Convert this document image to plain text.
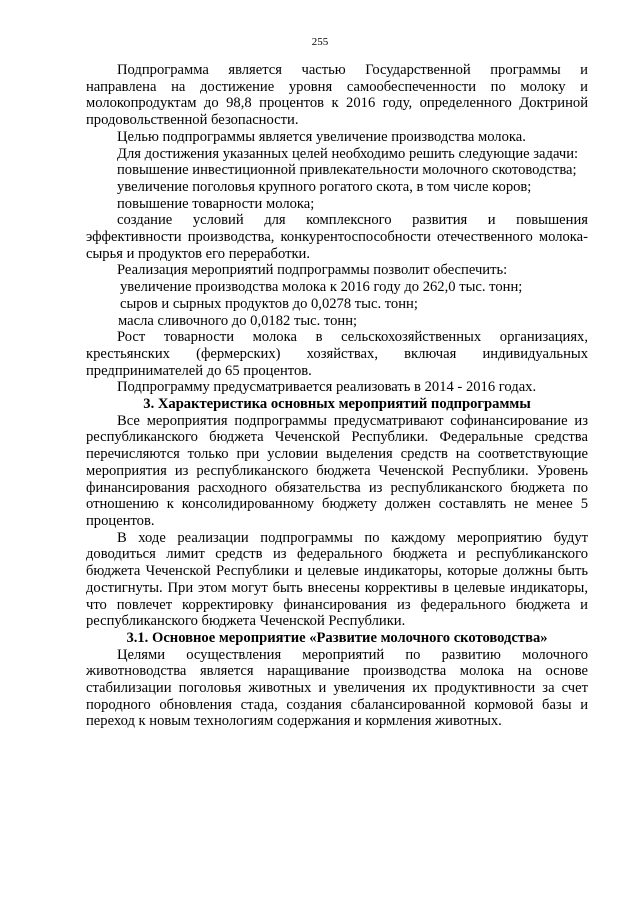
255

Подпрограмма является частью Государственной программы и

направлена на достижение уровня самообеспеченности по молоку и

молокопродуктам до 98,8 процентов к 2016 году, определенного Доктриной

продовольственной безопасности.

Целью подпрограммы является увеличение производства молока.

Для достижения указанных целей необходимо решить следующие задачи:

повышение инвестиционной привлекательности молочного скотоводства;

увеличение поголовья крупного рогатого скота, в том числе коров;

повышение товарности молока;

создание условий для комплексного развития и повышения

эффективности производства, конкурентоспособности отечественного молока-

сырья и продуктов его переработки.

Реализация мероприятий подпрограммы позволит обеспечить:

увеличение производства молока к 2016 году до 262,0 тыс. тонн;

сыров и сырных продуктов до 0,0278 тыс. тонн;

масла сливочного до 0,0182 тыс. тонн;

Рост товарности молока в сельскохозяйственных организациях,

крестьянских (фермерских) хозяйствах, включая индивидуальных

предпринимателей до 65 процентов.

Подпрограмму предусматривается реализовать в 2014 - 2016 годах.

3. Характеристика основных мероприятий подпрограммы

Все мероприятия подпрограммы предусматривают софинансирование из

республиканского бюджета Чеченской Республики. Федеральные средства

перечисляются только при условии выделения средств на соответствующие

мероприятия из республиканского бюджета Чеченской Республики. Уровень

финансирования расходного обязательства из республиканского бюджета по

отношению к консолидированному бюджету должен составлять не менее 5

процентов.

В ходе реализации подпрограммы по каждому мероприятию будут

доводиться лимит средств из федерального бюджета и республиканского

бюджета Чеченской Республики и целевые индикаторы, которые должны быть

достигнуты. При этом могут быть внесены коррективы в целевые индикаторы,

что повлечет корректировку финансирования из федерального бюджета и

республиканского бюджета Чеченской Республики.

3.1. Основное мероприятие «Развитие молочного скотоводства»

Целями осуществления мероприятий по развитию молочного

животноводства является наращивание производства молока на основе

стабилизации поголовья животных и увеличения их продуктивности за счет

породного обновления стада, создания сбалансированной кормовой базы и

переход к новым технологиям содержания и кормления животных.
